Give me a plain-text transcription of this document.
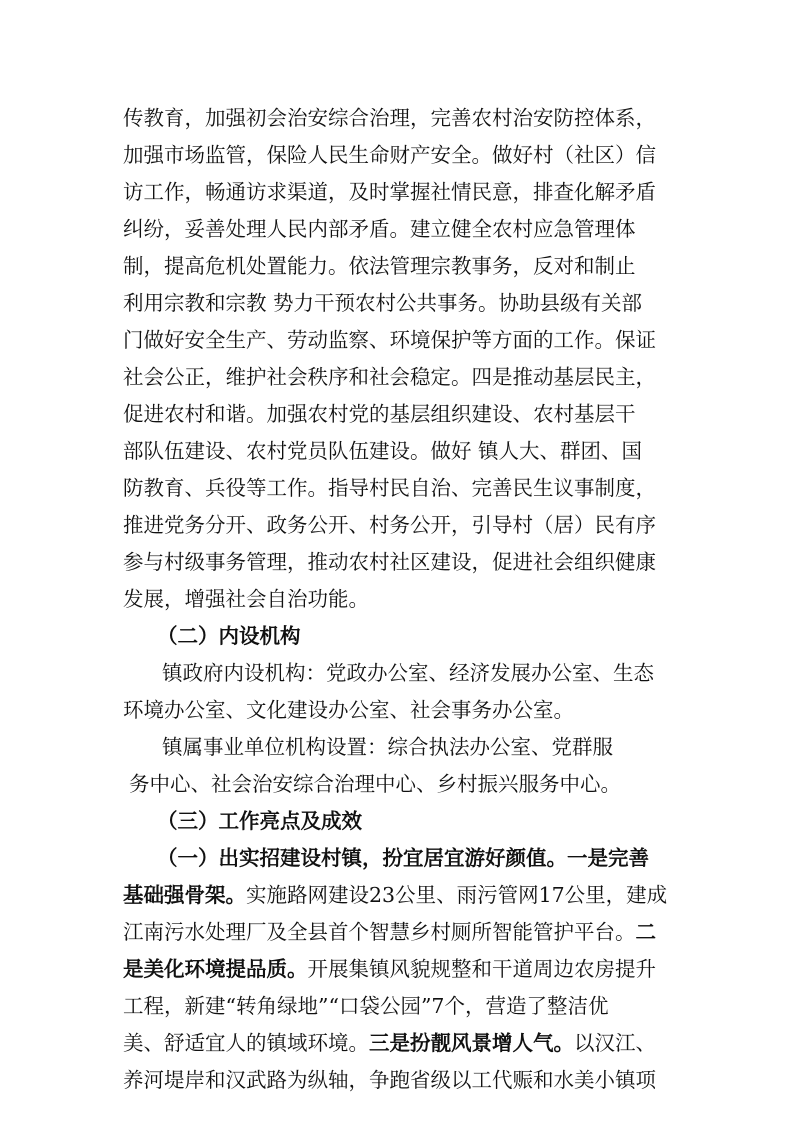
传教育，加强初会治安综合治理，完善农村治安防控体系，
加强市场监管，保险人民生命财产安全。做好村（社区）信
访工作，畅通访求渠道，及时掌握社情民意，排查化解矛盾
纠纷，妥善处理人民内部矛盾。建立健全农村应急管理体
制，提高危机处置能力。依法管理宗教事务，反对和制止
利用宗教和宗教 势力干预农村公共事务。协助县级有关部
门做好安全生产、劳动监察、环境保护等方面的工作。保证
社会公正，维护社会秩序和社会稳定。四是推动基层民主，
促进农村和谐。加强农村党的基层组织建设、农村基层干
部队伍建设、农村党员队伍建设。做好 镇人大、群团、国
防教育、兵役等工作。指导村民自治、完善民生议事制度，
推进党务分开、政务公开、村务公开，引导村（居）民有序
参与村级事务管理，推动农村社区建设，促进社会组织健康
发展，增强社会自治功能。
（二）内设机构
镇政府内设机构：党政办公室、经济发展办公室、生态
环境办公室、文化建设办公室、社会事务办公室。
镇属事业单位机构设置：综合执法办公室、党群服
务中心、社会治安综合治理中心、乡村振兴服务中心。
（三）工作亮点及成效
（一）出实招建设村镇，扮宜居宜游好颜值。一是完善
基础强骨架。实施路网建设23公里、雨污管网17公里，建成
江南污水处理厂及全县首个智慧乡村厕所智能管护平台。二
是美化环境提品质。开展集镇风貌规整和干道周边农房提升
工程，新建“转角绿地”“口袋公园”7个，营造了整洁优
美、舒适宜人的镇域环境。三是扮靓风景增人气。以汉江、
养河堤岸和汉武路为纵轴，争跑省级以工代赈和水美小镇项
